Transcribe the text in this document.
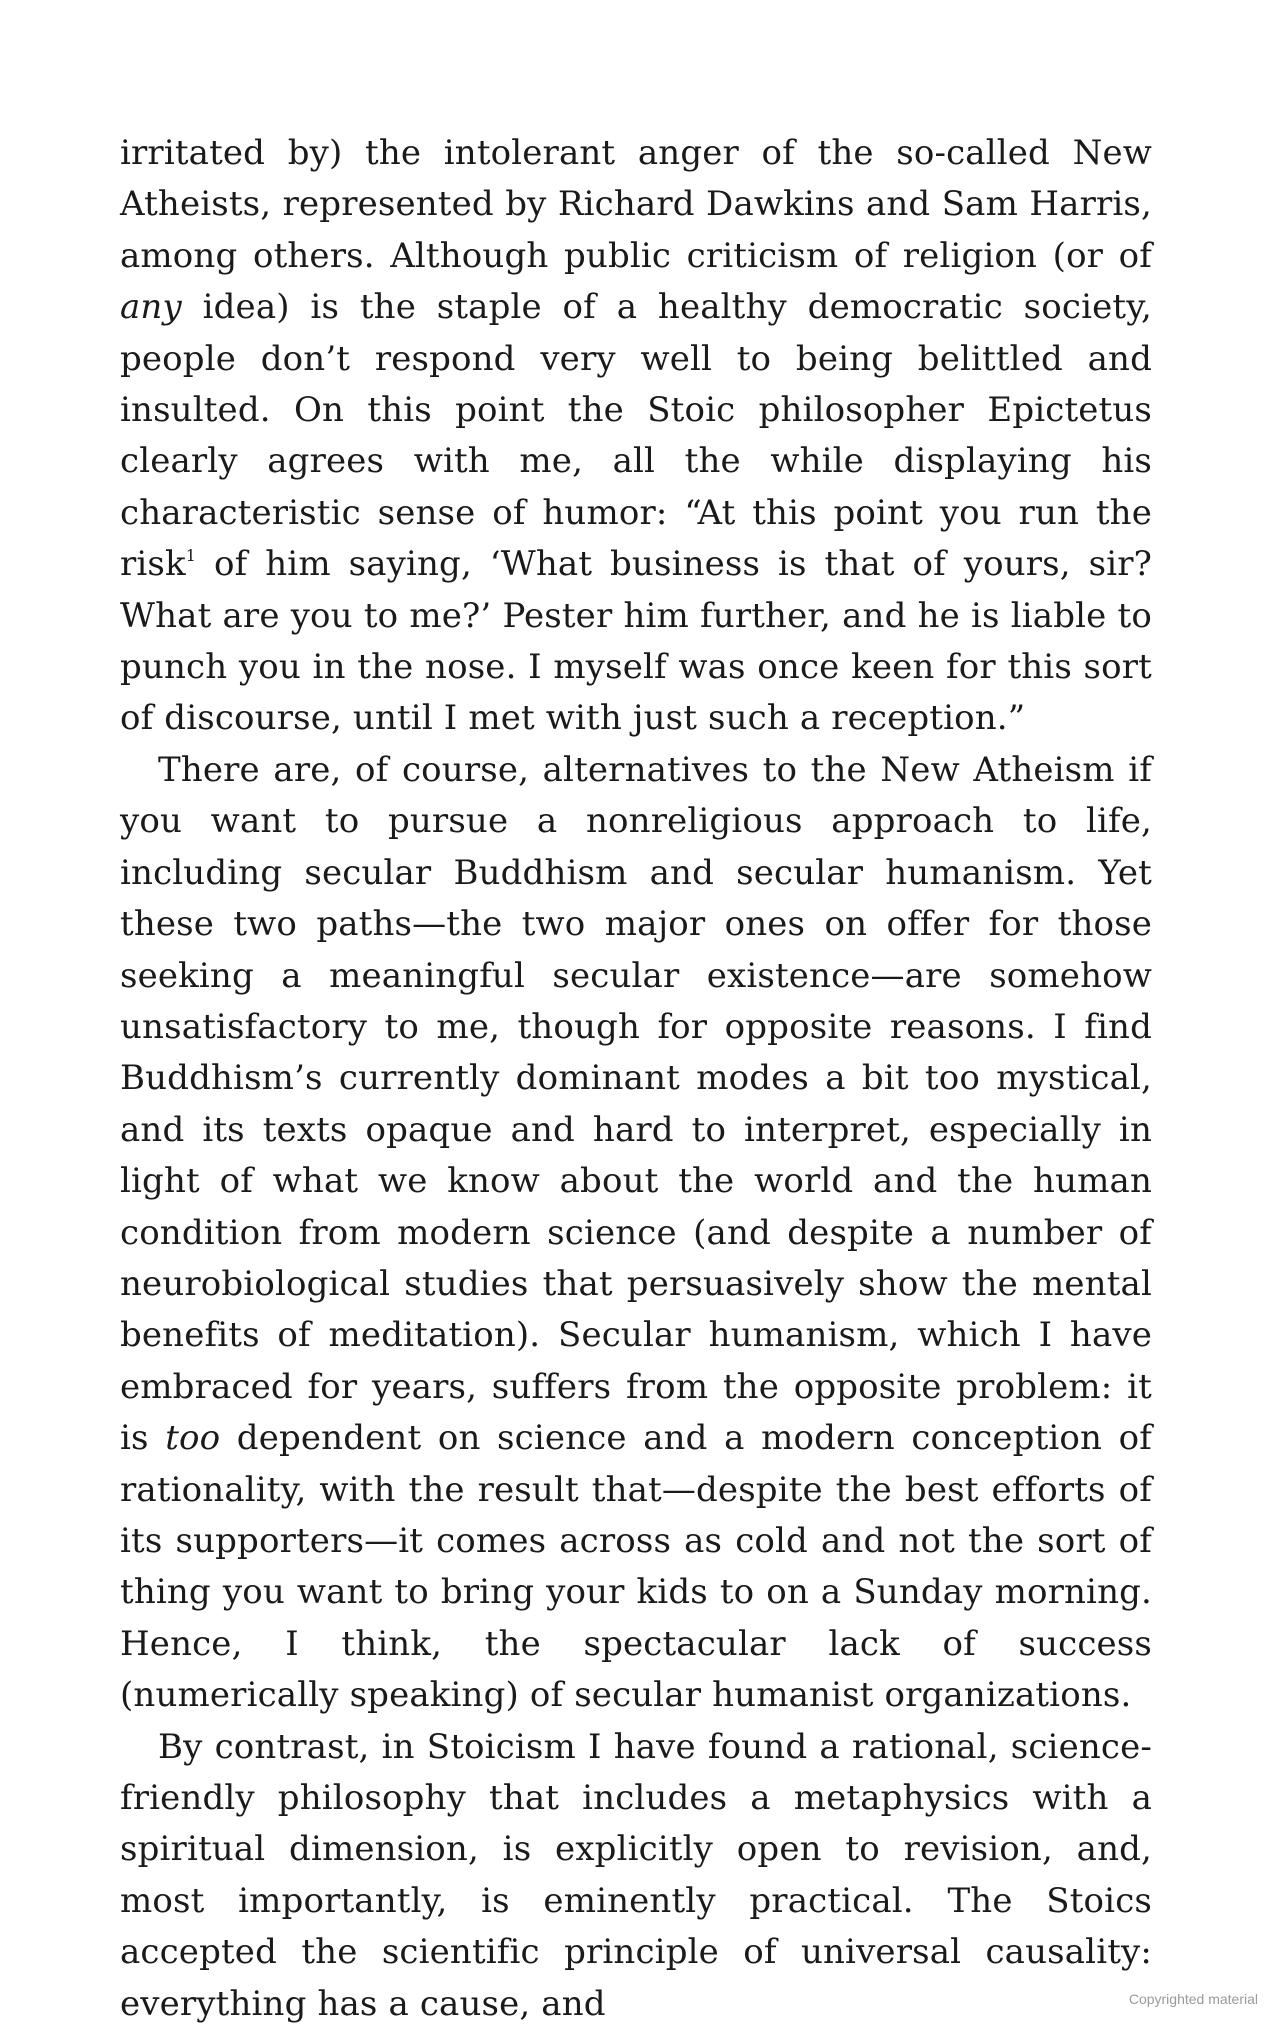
irritated by) the intolerant anger of the so-called New Atheists, represented by Richard Dawkins and Sam Harris, among others. Although public criticism of religion (or of any idea) is the staple of a healthy democratic society, people don’t respond very well to being belittled and insulted. On this point the Stoic philosopher Epictetus clearly agrees with me, all the while displaying his characteristic sense of humor: “At this point you run the risk$^1$ of him saying, ‘What business is that of yours, sir? What are you to me?’ Pester him further, and he is liable to punch you in the nose. I myself was once keen for this sort of discourse, until I met with just such a reception.”

There are, of course, alternatives to the New Atheism if you want to pursue a nonreligious approach to life, including secular Buddhism and secular humanism. Yet these two paths—the two major ones on offer for those seeking a meaningful secular existence—are somehow unsatisfactory to me, though for opposite reasons. I find Buddhism’s currently dominant modes a bit too mystical, and its texts opaque and hard to interpret, especially in light of what we know about the world and the human condition from modern science (and despite a number of neurobiological studies that persuasively show the mental benefits of meditation). Secular humanism, which I have embraced for years, suffers from the opposite problem: it is too dependent on science and a modern conception of rationality, with the result that—despite the best efforts of its supporters—it comes across as cold and not the sort of thing you want to bring your kids to on a Sunday morning. Hence, I think, the spectacular lack of success (numerically speaking) of secular humanist organizations.

By contrast, in Stoicism I have found a rational, science-friendly philosophy that includes a metaphysics with a spiritual dimension, is explicitly open to revision, and, most importantly, is eminently practical. The Stoics accepted the scientific principle of universal causality: everything has a cause, and	Copyrighted material
